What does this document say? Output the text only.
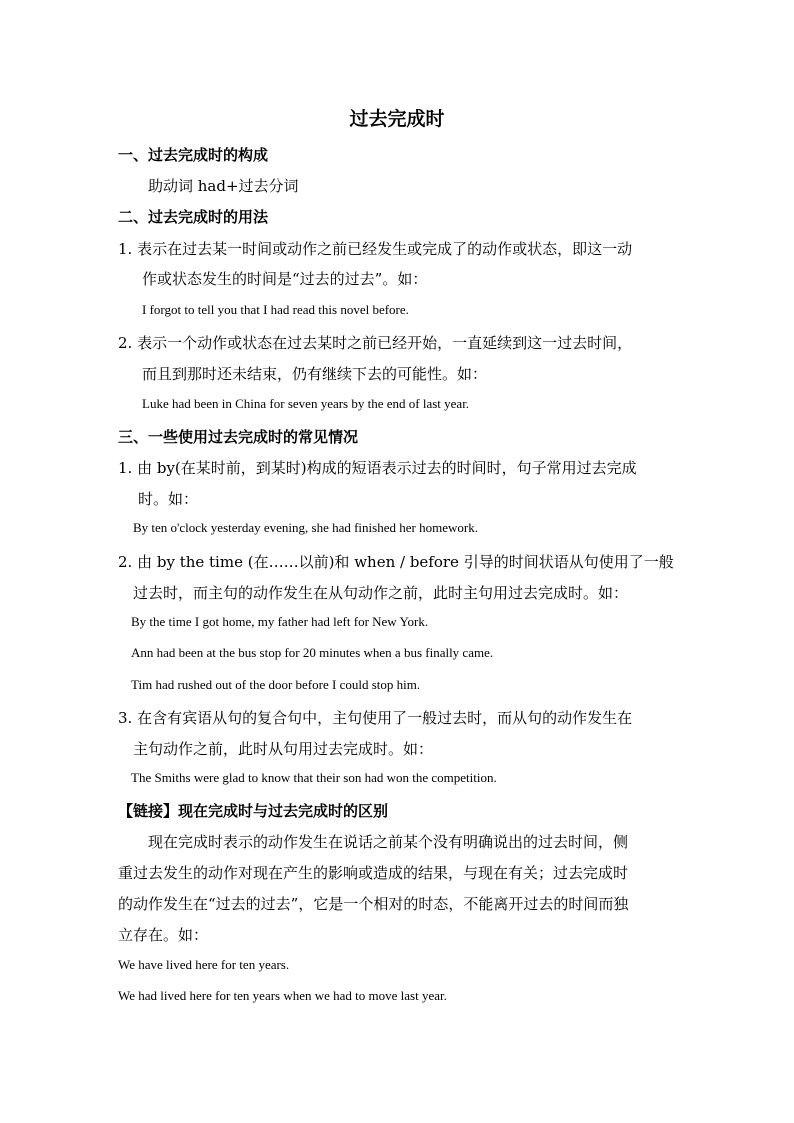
过去完成时
一、过去完成时的构成
助动词 had+过去分词
二、过去完成时的用法
1. 表示在过去某一时间或动作之前已经发生或完成了的动作或状态，即这一动
作或状态发生的时间是“过去的过去”。如：
I forgot to tell you that I had read this novel before.
2. 表示一个动作或状态在过去某时之前已经开始，一直延续到这一过去时间，
而且到那时还未结束，仍有继续下去的可能性。如：
Luke had been in China for seven years by the end of last year.
三、一些使用过去完成时的常见情况
1. 由 by(在某时前，到某时)构成的短语表示过去的时间时，句子常用过去完成
时。如：
By ten o'clock yesterday evening, she had finished her homework.
2. 由 by the time (在……以前)和 when / before 引导的时间状语从句使用了一般
过去时，而主句的动作发生在从句动作之前，此时主句用过去完成时。如：
By the time I got home, my father had left for New York.
Ann had been at the bus stop for 20 minutes when a bus finally came.
Tim had rushed out of the door before I could stop him.
3. 在含有宾语从句的复合句中，主句使用了一般过去时，而从句的动作发生在
主句动作之前，此时从句用过去完成时。如：
The Smiths were glad to know that their son had won the competition.
【链接】现在完成时与过去完成时的区别
现在完成时表示的动作发生在说话之前某个没有明确说出的过去时间，侧
重过去发生的动作对现在产生的影响或造成的结果，与现在有关；过去完成时
的动作发生在“过去的过去”，它是一个相对的时态，不能离开过去的时间而独
立存在。如：
We have lived here for ten years.
We had lived here for ten years when we had to move last year.
